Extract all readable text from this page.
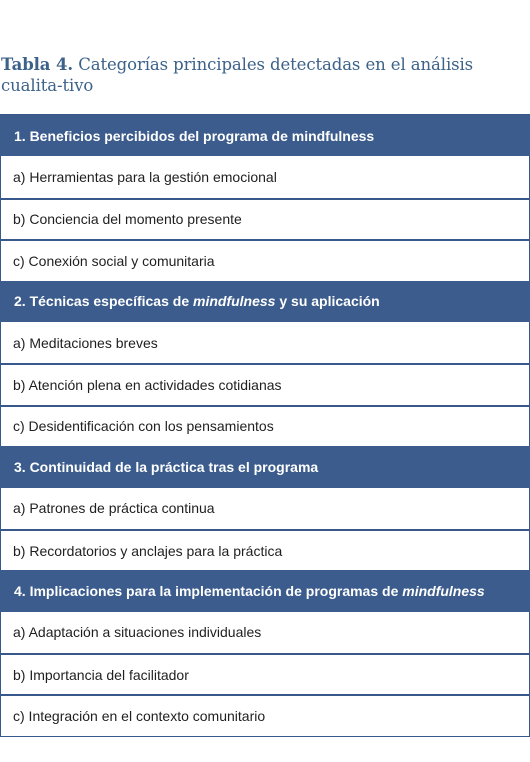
Tabla 4. Categorías principales detectadas en el análisis cualita-tivo
1. Beneficios percibidos del programa de mindfulness
a) Herramientas para la gestión emocional
b) Conciencia del momento presente
c) Conexión social y comunitaria
2. Técnicas específicas de mindfulness y su aplicación
a) Meditaciones breves
b) Atención plena en actividades cotidianas
c) Desidentificación con los pensamientos
3. Continuidad de la práctica tras el programa
a) Patrones de práctica continua
b) Recordatorios y anclajes para la práctica
4. Implicaciones para la implementación de programas de mindfulness
a) Adaptación a situaciones individuales
b) Importancia del facilitador
c) Integración en el contexto comunitario
